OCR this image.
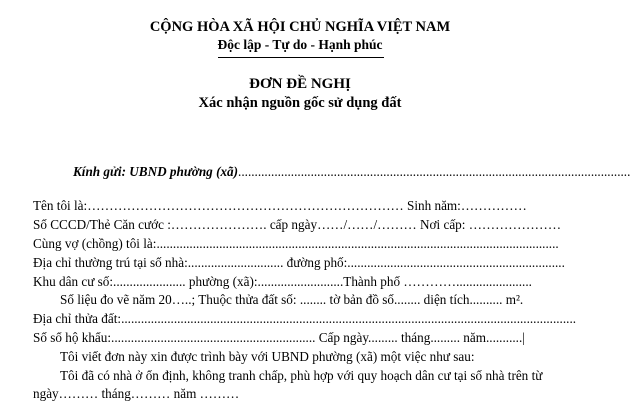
CỘNG HÒA XÃ HỘI CHỦ NGHĨA VIỆT NAM
Độc lập - Tự do - Hạnh phúc
ĐƠN ĐỀ NGHỊ
Xác nhận nguồn gốc sử dụng đất
Kính gửi: UBND phường (xã).......................................................................................................................
Tên tôi là:……………………………………………………………… Sinh năm:……………
Số CCCD/Thẻ Căn cước :…………………. cấp ngày……/……/……… Nơi cấp: …………………
Cùng vợ (chồng) tôi là:..........................................................................................................................
Địa chỉ thường trú tại số nhà:............................. đường phố:..................................................................
Khu dân cư số:...................... phường (xã):..........................Thành phố ………….......................
Số liệu đo vẽ năm 20…..; Thuộc thửa đất số: ........ tờ bản đồ số........ diện tích.......... m².
Địa chỉ thửa đất:..........................................................................................................................................
Số sổ hộ khẩu:.............................................................. Cấp ngày......... tháng......... năm...........|
Tôi viết đơn này xin được trình bày với UBND phường (xã) một việc như sau:
Tôi đã có nhà ở ổn định, không tranh chấp, phù hợp với quy hoạch dân cư tại số nhà trên từ
ngày……… tháng……… năm ………
